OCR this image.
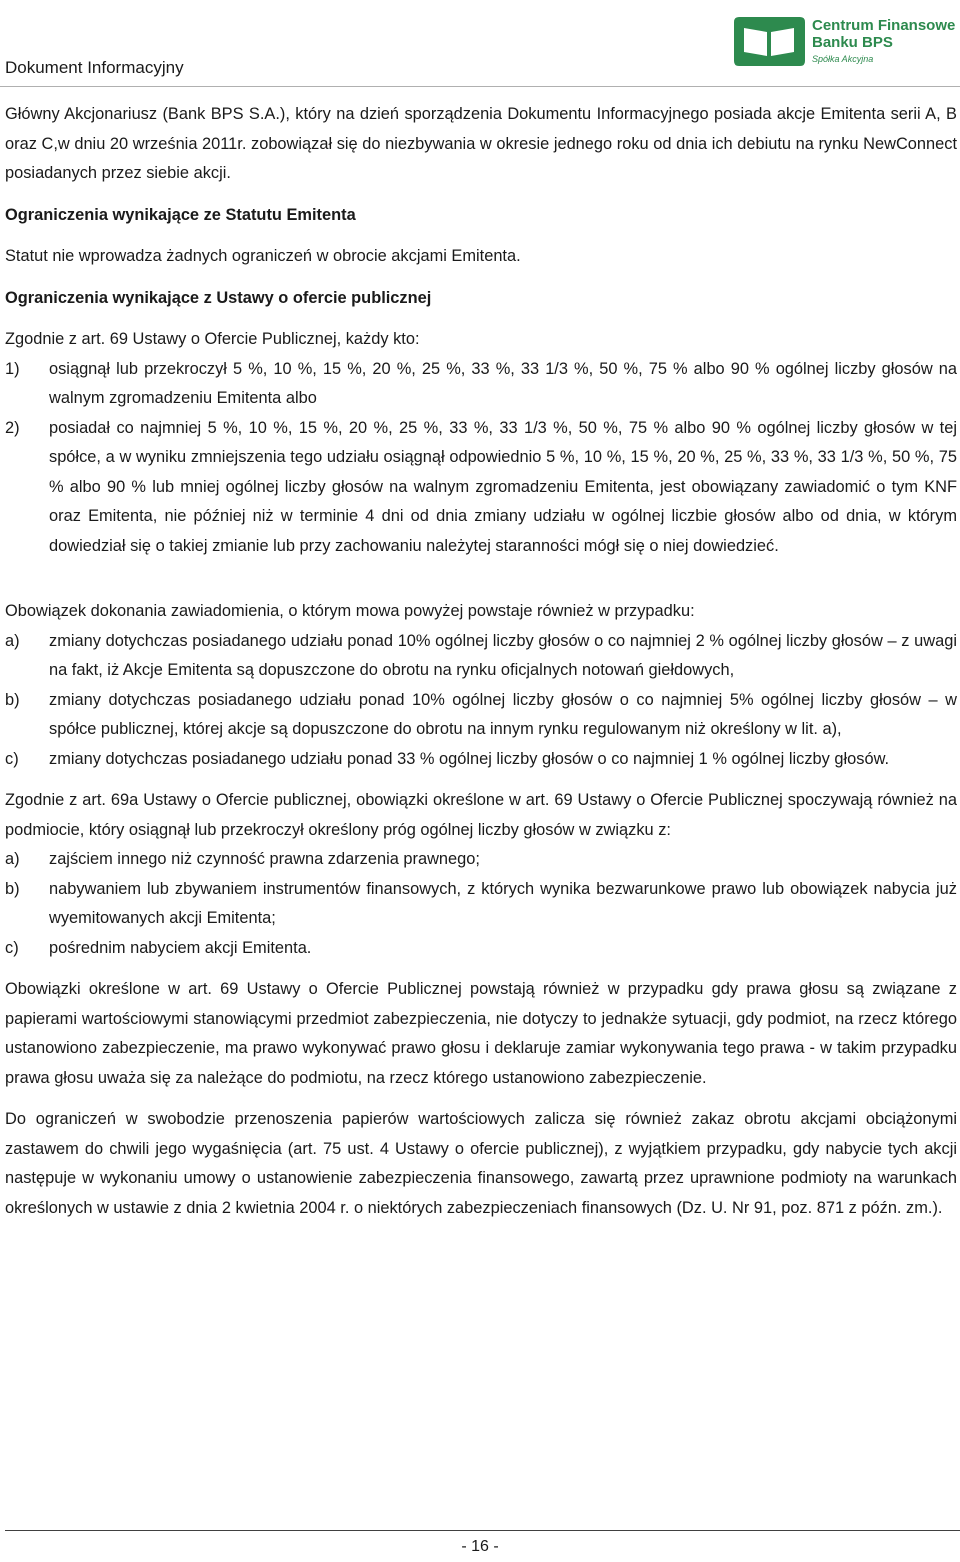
Dokument Informacyjny
Centrum Finansowe
Banku BPS
Spółka Akcyjna

Główny Akcjonariusz (Bank BPS S.A.), który na dzień sporządzenia Dokumentu Informacyjnego posiada akcje Emitenta serii A, B oraz C,w dniu 20 września 2011r. zobowiązał się do niezbywania w okresie jednego roku od dnia ich debiutu na rynku NewConnect posiadanych przez siebie akcji.

Ograniczenia wynikające ze Statutu Emitenta

Statut nie wprowadza żadnych ograniczeń w obrocie akcjami Emitenta.

Ograniczenia wynikające z Ustawy o ofercie publicznej

Zgodnie z art. 69 Ustawy o Ofercie Publicznej, każdy kto:

1)	osiągnął lub przekroczył 5 %, 10 %, 15 %, 20 %, 25 %, 33 %, 33 1/3 %, 50 %, 75 % albo 90 % ogólnej liczby głosów na walnym zgromadzeniu Emitenta albo
2)	posiadał co najmniej 5 %, 10 %, 15 %, 20 %, 25 %, 33 %, 33 1/3 %, 50 %, 75 % albo 90 % ogólnej liczby głosów w tej spółce, a w wyniku zmniejszenia tego udziału osiągnął odpowiednio 5 %, 10 %, 15 %, 20 %, 25 %, 33 %, 33 1/3 %, 50 %, 75 % albo 90 % lub mniej ogólnej liczby głosów na walnym zgromadzeniu Emitenta, jest obowiązany zawiadomić o tym KNF oraz Emitenta, nie później niż w terminie 4 dni od dnia zmiany udziału w ogólnej liczbie głosów albo od dnia, w którym dowiedział się o takiej zmianie lub przy zachowaniu należytej staranności mógł się o niej dowiedzieć.

Obowiązek dokonania zawiadomienia, o którym mowa powyżej powstaje również w przypadku:

a)	zmiany dotychczas posiadanego udziału ponad 10% ogólnej liczby głosów o co najmniej 2 % ogólnej liczby głosów – z uwagi na fakt, iż Akcje Emitenta są dopuszczone do obrotu na rynku oficjalnych notowań giełdowych,
b)	zmiany dotychczas posiadanego udziału ponad 10% ogólnej liczby głosów o co najmniej 5% ogólnej liczby głosów – w spółce publicznej, której akcje są dopuszczone do obrotu na innym rynku regulowanym niż określony w lit. a),
c)	zmiany dotychczas posiadanego udziału ponad 33 % ogólnej liczby głosów o co najmniej 1 % ogólnej liczby głosów.

Zgodnie z art. 69a Ustawy o Ofercie publicznej, obowiązki określone w art. 69 Ustawy o Ofercie Publicznej spoczywają również na podmiocie, który osiągnął lub przekroczył określony próg ogólnej liczby głosów w związku z:

a)	zajściem innego niż czynność prawna zdarzenia prawnego;
b)	nabywaniem lub zbywaniem instrumentów finansowych, z których wynika bezwarunkowe prawo lub obowiązek nabycia już wyemitowanych akcji Emitenta;
c)	pośrednim nabyciem akcji Emitenta.

Obowiązki określone w art. 69 Ustawy o Ofercie Publicznej powstają również w przypadku gdy prawa głosu są związane z papierami wartościowymi stanowiącymi przedmiot zabezpieczenia, nie dotyczy to jednakże sytuacji, gdy podmiot, na rzecz którego ustanowiono zabezpieczenie, ma prawo wykonywać prawo głosu i deklaruje zamiar wykonywania tego prawa - w takim przypadku prawa głosu uważa się za należące do podmiotu, na rzecz którego ustanowiono zabezpieczenie.

Do ograniczeń w swobodzie przenoszenia papierów wartościowych zalicza się również zakaz obrotu akcjami obciążonymi zastawem do chwili jego wygaśnięcia (art. 75 ust. 4 Ustawy o ofercie publicznej), z wyjątkiem przypadku, gdy nabycie tych akcji następuje w wykonaniu umowy o ustanowienie zabezpieczenia finansowego, zawartą przez uprawnione podmioty na warunkach określonych w ustawie z dnia 2 kwietnia 2004 r. o niektórych zabezpieczeniach finansowych (Dz. U. Nr 91, poz. 871 z późn. zm.).

- 16 -
